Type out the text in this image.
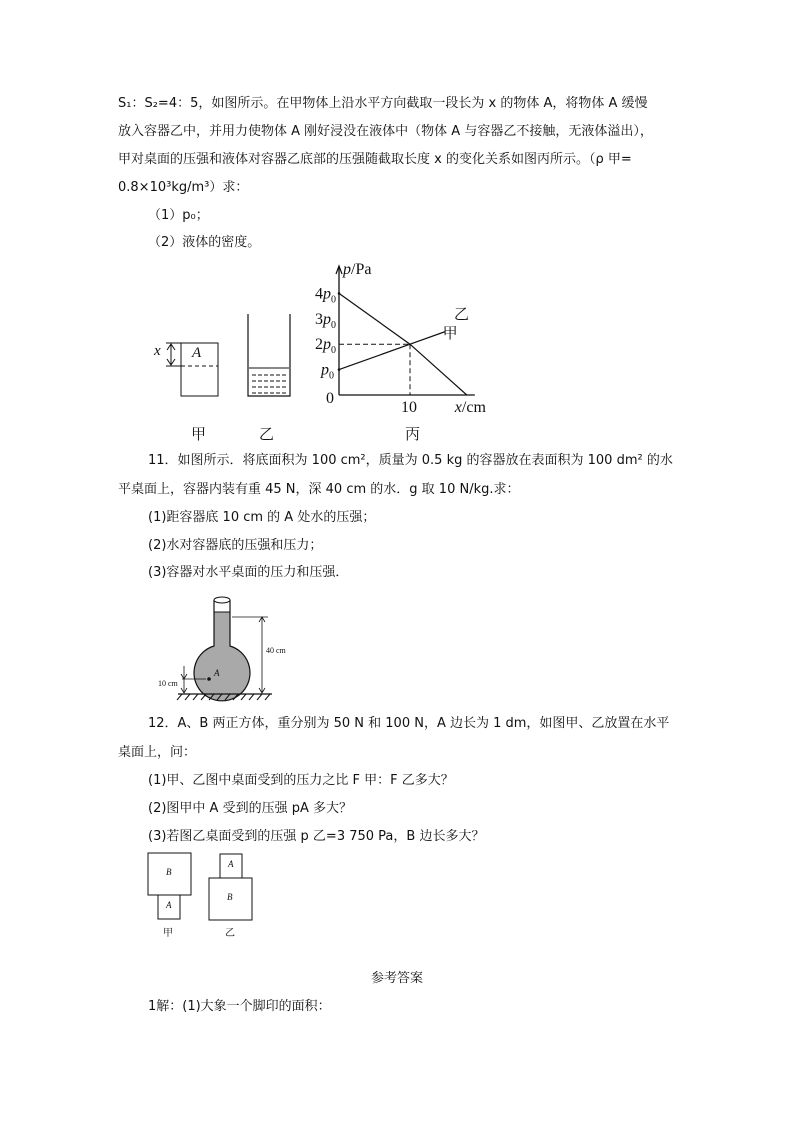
S₁：S₂=4：5，如图所示。在甲物体上沿水平方向截取一段长为 x 的物体 A，将物体 A 缓慢
放入容器乙中，并用力使物体 A 刚好浸没在液体中（物体 A 与容器乙不接触，无液体溢出），
甲对桌面的压强和液体对容器乙底部的压强随截取长度 x 的变化关系如图丙所示。（ρ 甲=
0.8×10³kg/m³）求：
（1）p₀；
（2）液体的密度。
x A
甲	乙	丙
甲
乙
$p_0$
$2p_0$
$3p_0$
$4p_0$
10
0
p/Pa
x/cm
11．如图所示．将底面积为 100 cm²，质量为 0.5 kg 的容器放在表面积为 100 dm² 的水
平桌面上，容器内装有重 45 N，深 40 cm 的水．g 取 10 N/kg.求：
(1)距容器底 10 cm 的 A 处水的压强；
(2)水对容器底的压强和压力；
(3)容器对水平桌面的压力和压强．
40 cm
10 cm
A
12．A、B 两正方体，重分别为 50 N 和 100 N，A 边长为 1 dm，如图甲、乙放置在水平
桌面上，问：
(1)甲、乙图中桌面受到的压力之比 F 甲：F 乙多大？
(2)图甲中 A 受到的压强 pA 多大？
(3)若图乙桌面受到的压强 p 乙=3 750 Pa，B 边长多大？
B
A
A
B
甲	乙
参考答案
1解：(1)大象一个脚印的面积：
